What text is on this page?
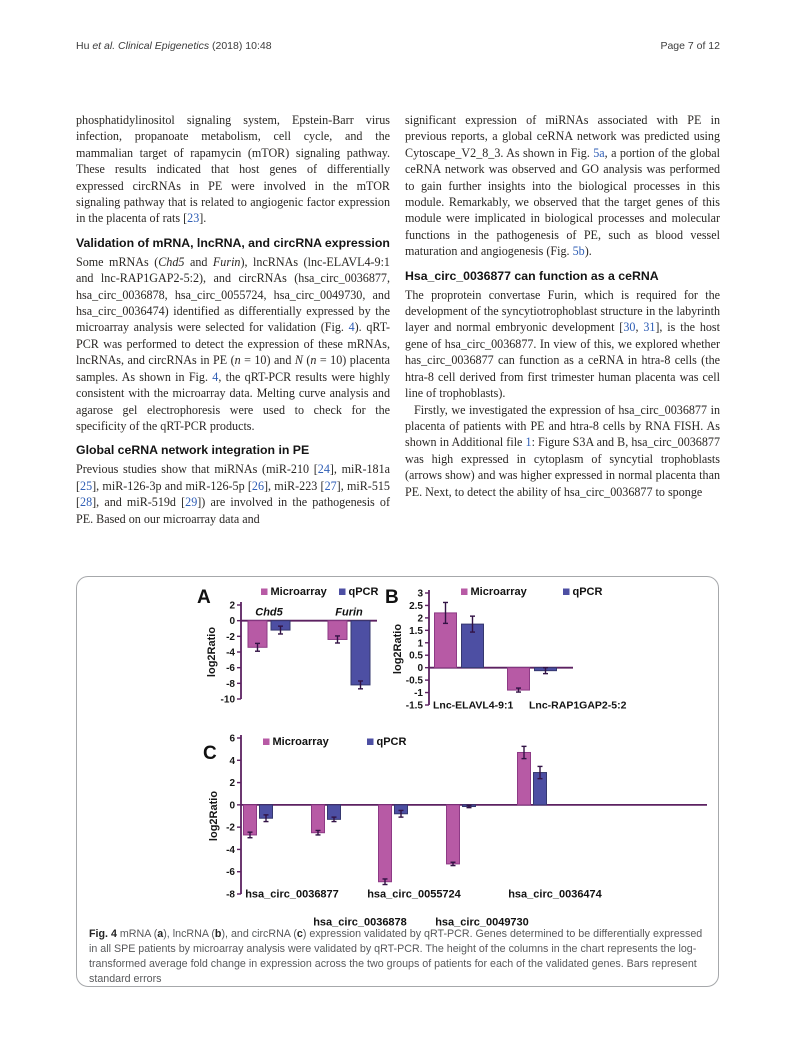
Hu et al. Clinical Epigenetics (2018) 10:48	Page 7 of 12

phosphatidylinositol signaling system, Epstein-Barr virus infection, propanoate metabolism, cell cycle, and the mammalian target of rapamycin (mTOR) signaling pathway. These results indicated that host genes of differentially expressed circRNAs in PE were involved in the mTOR signaling pathway that is related to angiogenic factor expression in the placenta of rats [23].

Validation of mRNA, lncRNA, and circRNA expression

Some mRNAs (Chd5 and Furin), lncRNAs (lnc-ELAVL4-9:1 and lnc-RAP1GAP2-5:2), and circRNAs (hsa_circ_0036877, hsa_circ_0036878, hsa_circ_0055724, hsa_circ_0049730, and hsa_circ_0036474) identified as differentially expressed by the microarray analysis were selected for validation (Fig. 4). qRT-PCR was performed to detect the expression of these mRNAs, lncRNAs, and circRNAs in PE (n = 10) and N (n = 10) placenta samples. As shown in Fig. 4, the qRT-PCR results were highly consistent with the microarray data. Melting curve analysis and agarose gel electrophoresis were used to check for the specificity of the qRT-PCR products.

Global ceRNA network integration in PE

Previous studies show that miRNAs (miR-210 [24], miR-181a [25], miR-126-3p and miR-126-5p [26], miR-223 [27], miR-515 [28], and miR-519d [29]) are involved in the pathogenesis of PE. Based on our microarray data and

significant expression of miRNAs associated with PE in previous reports, a global ceRNA network was predicted using Cytoscape_V2_8_3. As shown in Fig. 5a, a portion of the global ceRNA network was observed and GO analysis was performed to gain further insights into the biological processes in this module. Remarkably, we observed that the target genes of this module were implicated in biological processes and molecular functions in the pathogenesis of PE, such as blood vessel maturation and angiogenesis (Fig. 5b).

Hsa_circ_0036877 can function as a ceRNA

The proprotein convertase Furin, which is required for the development of the syncytiotrophoblast structure in the labyrinth layer and normal embryonic development [30, 31], is the host gene of hsa_circ_0036877. In view of this, we explored whether has_circ_0036877 can function as a ceRNA in htra-8 cells (the htra-8 cell derived from first trimester human placenta was cell line of trophoblasts).

Firstly, we investigated the expression of hsa_circ_0036877 in placenta of patients with PE and htra-8 cells by RNA FISH. As shown in Additional file 1: Figure S3A and B, hsa_circ_0036877 was high expressed in cytoplasm of syncytial trophoblasts (arrows show) and was higher expressed in normal placenta than PE. Next, to detect the ability of hsa_circ_0036877 to sponge

A	Microarray qPCR
2
0
-2
-4
-6
-8
-10
log2Ratio
Chd5	Furin
B	Microarray	qPCR
3
2.5
2
1.5
1
0.5
0
-0.5
-1
-1.5
log2Ratio
Lnc-ELAVL4-9:1 Lnc-RAP1GAP2-5:2
C
Microarray	qPCR
6
4
2
0
-2
-4
-6
-8
log2Ratio
hsa_circ_0036877
hsa_circ_0036878
hsa_circ_0055724
hsa_circ_0049730
hsa_circ_0036474

Fig. 4 mRNA (a), lncRNA (b), and circRNA (c) expression validated by qRT-PCR. Genes determined to be differentially expressed in all SPE patients by microarray analysis were validated by qRT-PCR. The height of the columns in the chart represents the log-transformed average fold change in expression across the two groups of patients for each of the validated genes. Bars represent standard errors
